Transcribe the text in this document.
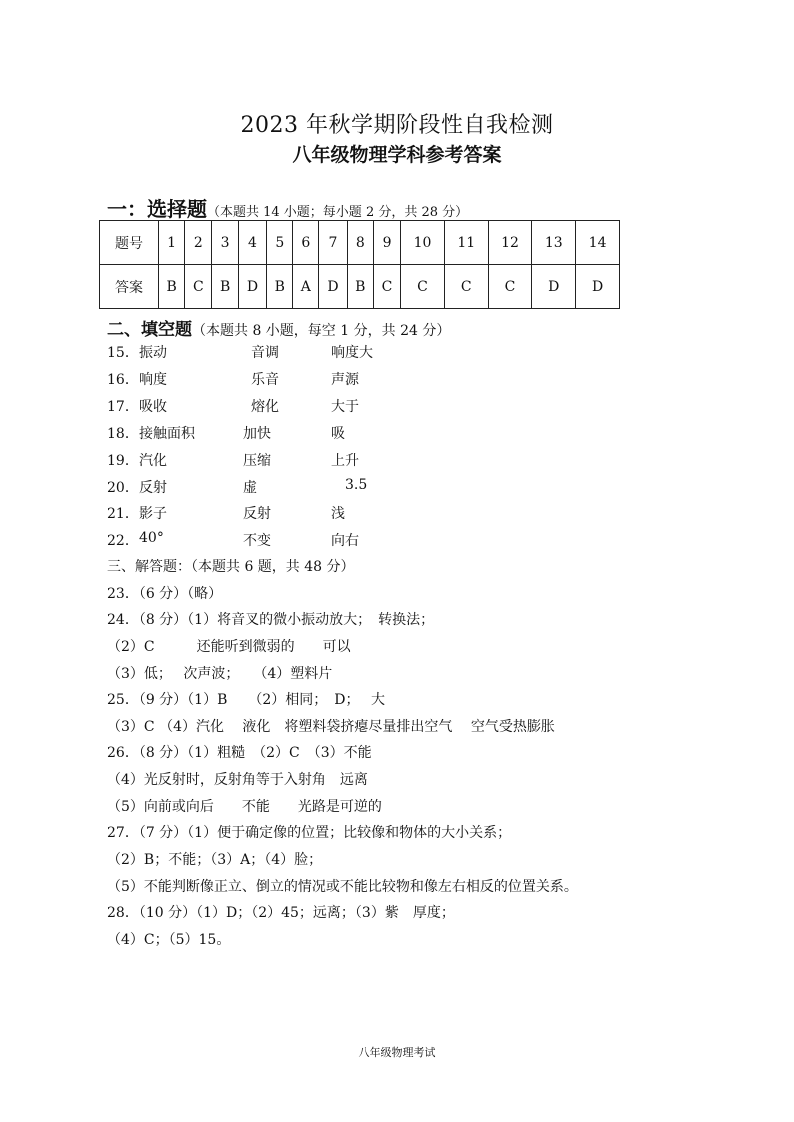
2023 年秋学期阶段性自我检测
八年级物理学科参考答案
一：选择题（本题共 14 小题；每小题 2 分，共 28 分）
题号	1	2	3	4	5	6	7	8	9	10	11	12	13	14
答案	B	C	B	D	B	A	D	B	C	C	C	C	D	D
二、填空题（本题共 8 小题，每空 1 分，共 24 分）
15． 振动	音调	响度大
16． 响度	乐音	声源
17． 吸收	熔化	大于
18． 接触面积	加快	吸
19． 汽化	压缩	上升
20． 反射	虚	3.5
21． 影子	反射	浅
22． 40°	不变	向右
三、解答题：（本题共 6 题，共 48 分）
23．（6 分）（略）
24．（8 分）（1）将音叉的微小振动放大；　转换法；
（2）C　　　还能听到微弱的　　可以
（3）低；　 次声波；　　（4）塑料片
25．（9 分）（1）B　　（2）相同；　D；　 大
（3）C （4）汽化　 液化　将塑料袋挤瘪尽量排出空气　 空气受热膨胀
26．（8 分）（1）粗糙　（2）C　（3）不能
（4）光反射时，反射角等于入射角　远离
（5）向前或向后　　不能　　光路是可逆的
27．（7 分）（1）便于确定像的位置；比较像和物体的大小关系；
（2）B；不能；（3）A；（4）脸；
（5）不能判断像正立、倒立的情况或不能比较物和像左右相反的位置关系。
28．（10 分）（1）D；（2）45；远离；（3）紫　厚度；
（4）C；（5）15。
八年级物理考试
